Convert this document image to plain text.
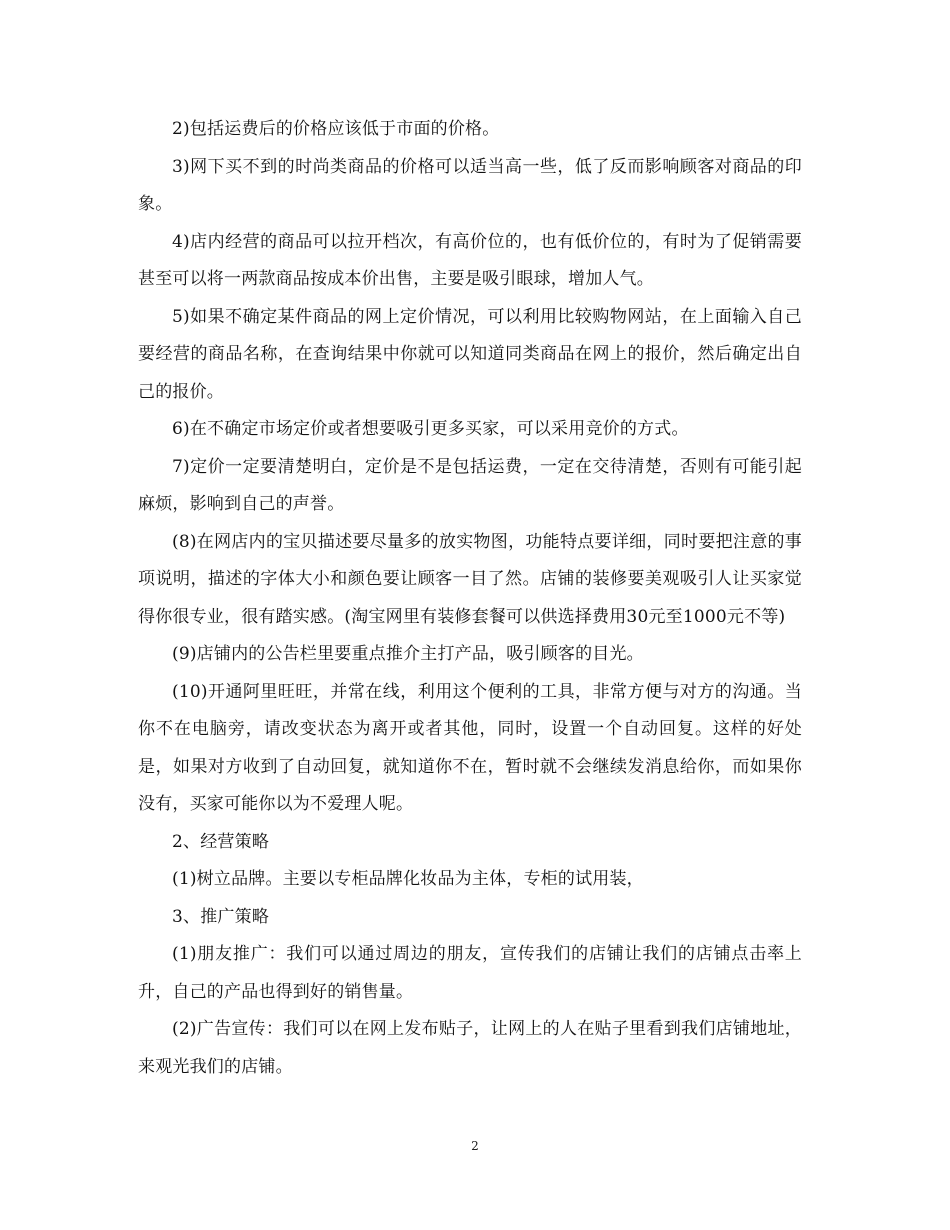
2)包括运费后的价格应该低于市面的价格。

3)网下买不到的时尚类商品的价格可以适当高一些，低了反而影响顾客对商品的印象。

4)店内经营的商品可以拉开档次，有高价位的，也有低价位的，有时为了促销需要甚至可以将一两款商品按成本价出售，主要是吸引眼球，增加人气。

5)如果不确定某件商品的网上定价情况，可以利用比较购物网站，在上面输入自己要经营的商品名称，在查询结果中你就可以知道同类商品在网上的报价，然后确定出自己的报价。

6)在不确定市场定价或者想要吸引更多买家，可以采用竞价的方式。

7)定价一定要清楚明白，定价是不是包括运费，一定在交待清楚，否则有可能引起麻烦，影响到自己的声誉。

(8)在网店内的宝贝描述要尽量多的放实物图，功能特点要详细，同时要把注意的事项说明，描述的字体大小和颜色要让顾客一目了然。店铺的装修要美观吸引人让买家觉得你很专业，很有踏实感。(淘宝网里有装修套餐可以供选择费用30元至1000元不等)

(9)店铺内的公告栏里要重点推介主打产品，吸引顾客的目光。

(10)开通阿里旺旺，并常在线，利用这个便利的工具，非常方便与对方的沟通。当你不在电脑旁，请改变状态为离开或者其他，同时，设置一个自动回复。这样的好处是，如果对方收到了自动回复，就知道你不在，暂时就不会继续发消息给你，而如果你没有，买家可能你以为不爱理人呢。

2、经营策略

(1)树立品牌。主要以专柜品牌化妆品为主体，专柜的试用装，

3、推广策略

(1)朋友推广：我们可以通过周边的朋友，宣传我们的店铺让我们的店铺点击率上升，自己的产品也得到好的销售量。

(2)广告宣传：我们可以在网上发布贴子，让网上的人在贴子里看到我们店铺地址，来观光我们的店铺。

2
